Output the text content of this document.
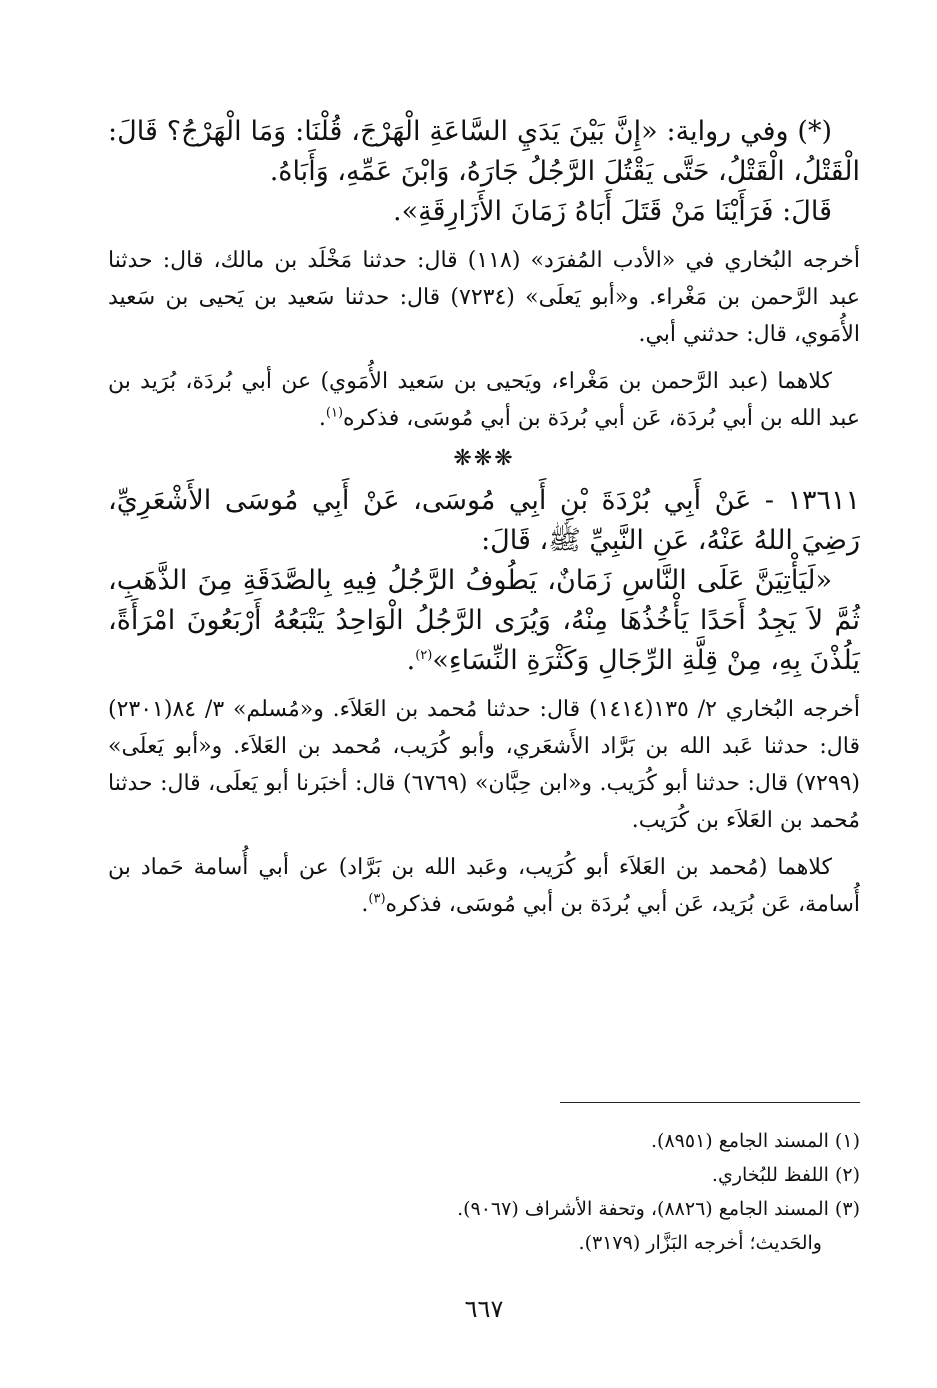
(*) وفي رواية: «إِنَّ بَيْنَ يَدَيِ السَّاعَةِ الْهَرْجَ، قُلْنَا: وَمَا الْهَرْجُ؟ قَالَ: الْقَتْلُ، الْقَتْلُ، حَتَّى يَقْتُلَ الرَّجُلُ جَارَهُ، وَابْنَ عَمِّهِ، وَأَبَاهُ.

قَالَ: فَرَأَيْنَا مَنْ قَتَلَ أَبَاهُ زَمَانَ الأَزَارِقَةِ».

أخرجه البُخاري في «الأدب المُفرَد» (١١٨) قال: حدثنا مَخْلَد بن مالك، قال: حدثنا عبد الرَّحمن بن مَغْراء. و«أبو يَعلَى» (٧٢٣٤) قال: حدثنا سَعيد بن يَحيى بن سَعيد الأُمَوي، قال: حدثني أبي.

كلاهما (عبد الرَّحمن بن مَغْراء، ويَحيى بن سَعيد الأُمَوي) عن أبي بُردَة، بُرَيد بن عبد الله بن أبي بُردَة، عَن أبي بُردَة بن أبي مُوسَى، فذكره$^{(١)}$.

❋❋❋

١٣٦١١ - عَنْ أَبِي بُرْدَةَ بْنِ أَبِي مُوسَى، عَنْ أَبِي مُوسَى الأَشْعَرِيِّ، رَضِيَ اللهُ عَنْهُ، عَنِ النَّبِيِّ ﷺ، قَالَ:

«لَيَأْتِيَنَّ عَلَى النَّاسِ زَمَانٌ، يَطُوفُ الرَّجُلُ فِيهِ بِالصَّدَقَةِ مِنَ الذَّهَبِ، ثُمَّ لاَ يَجِدُ أَحَدًا يَأْخُذُهَا مِنْهُ، وَيُرَى الرَّجُلُ الْوَاحِدُ يَتْبَعُهُ أَرْبَعُونَ امْرَأَةً، يَلُذْنَ بِهِ، مِنْ قِلَّةِ الرِّجَالِ وَكَثْرَةِ النِّسَاءِ»$^{(٢)}$.

أخرجه البُخاري ٢/ ١٣٥(١٤١٤) قال: حدثنا مُحمد بن العَلاَء. و«مُسلم» ٣/ ٨٤(٢٣٠١) قال: حدثنا عَبد الله بن بَرَّاد الأَشعَري، وأبو كُرَيب، مُحمد بن العَلاَء. و«أبو يَعلَى» (٧٢٩٩) قال: حدثنا أبو كُرَيب. و«ابن حِبَّان» (٦٧٦٩) قال: أخبَرنا أبو يَعلَى، قال: حدثنا مُحمد بن العَلاَء بن كُرَيب.

كلاهما (مُحمد بن العَلاَء أبو كُرَيب، وعَبد الله بن بَرَّاد) عن أبي أُسامة حَماد بن أُسامة، عَن بُرَيد، عَن أبي بُردَة بن أبي مُوسَى، فذكره$^{(٣)}$.

(١) المسند الجامع (٨٩٥١).

(٢) اللفظ للبُخاري.

(٣) المسند الجامع (٨٨٢٦)، وتحفة الأشراف (٩٠٦٧).

والحَديث؛ أخرجه البَزَّار (٣١٧٩).

٦٦٧
